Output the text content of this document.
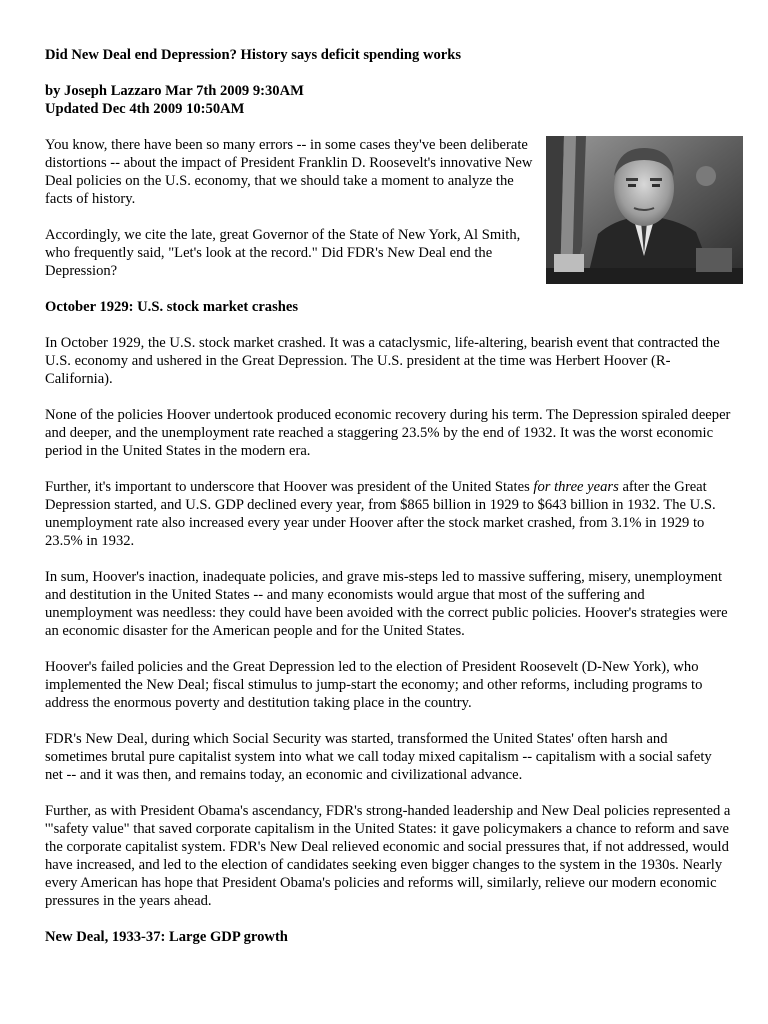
Did New Deal end Depression? History says deficit spending works

by Joseph Lazzaro Mar 7th 2009 9:30AM
Updated Dec 4th 2009 10:50AM

You know, there have been so many errors -- in some cases they've been deliberate distortions -- about the impact of President Franklin D. Roosevelt's innovative New Deal policies on the U.S. economy, that we should take a moment to analyze the facts of history.

Accordingly, we cite the late, great Governor of the State of New York, Al Smith, who frequently said, "Let's look at the record." Did FDR's New Deal end the Depression?

October 1929: U.S. stock market crashes

In October 1929, the U.S. stock market crashed. It was a cataclysmic, life-altering, bearish event that contracted the U.S. economy and ushered in the Great Depression. The U.S. president at the time was Herbert Hoover (R-California).

None of the policies Hoover undertook produced economic recovery during his term. The Depression spiraled deeper and deeper, and the unemployment rate reached a staggering 23.5% by the end of 1932. It was the worst economic period in the United States in the modern era.

Further, it's important to underscore that Hoover was president of the United States for three years after the Great Depression started, and U.S. GDP declined every year, from $865 billion in 1929 to $643 billion in 1932. The U.S. unemployment rate also increased every year under Hoover after the stock market crashed, from 3.1% in 1929 to 23.5% in 1932.

In sum, Hoover's inaction, inadequate policies, and grave mis-steps led to massive suffering, misery, unemployment and destitution in the United States -- and many economists would argue that most of the suffering and unemployment was needless: they could have been avoided with the correct public policies. Hoover's strategies were an economic disaster for the American people and for the United States.

Hoover's failed policies and the Great Depression led to the election of President Roosevelt (D-New York), who implemented the New Deal; fiscal stimulus to jump-start the economy; and other reforms, including programs to address the enormous poverty and destitution taking place in the country.

FDR's New Deal, during which Social Security was started, transformed the United States' often harsh and sometimes brutal pure capitalist system into what we call today mixed capitalism -- capitalism with a social safety net -- and it was then, and remains today, an economic and civilizational advance.

Further, as with President Obama's ascendancy, FDR's strong-handed leadership and New Deal policies represented a '"safety value" that saved corporate capitalism in the United States: it gave policymakers a chance to reform and save the corporate capitalist system. FDR's New Deal relieved economic and social pressures that, if not addressed, would have increased, and led to the election of candidates seeking even bigger changes to the system in the 1930s. Nearly every American has hope that President Obama's policies and reforms will, similarly, relieve our modern economic pressures in the years ahead.

New Deal, 1933-37: Large GDP growth
